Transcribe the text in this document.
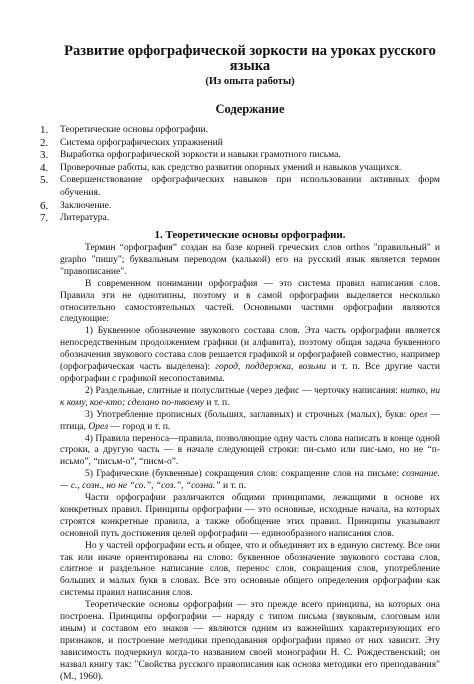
Развитие орфографической зоркости на уроках русского
языка
(Из опыта работы)
Содержание
1. Теоретические основы орфографии.
2. Система орфографических упражнений
3. Выработка орфографической зоркости и навыки грамотного письма.
4. Проверочные работы, как средство развития опорных умений и навыков учащихся.
5. Совершенствование орфографических навыков при использовании активных форм обучения.
6. Заключение.
7. Литература.
1. Теоретические основы орфографии.

Термин “орфография” создан на базе корней греческих слов orthos "правильный" и grapho "пишу"; буквальным переводом (калькой) его на русский язык является термин "правописание".

В современном понимании орфография — это система правил написания слов. Правила эти не однотипны, поэтому и в самой орфографии выделяется несколько относительно самостоятельных частей. Основными частями орфографии являются следующие:

1) Буквенное обозначение звукового состава слов. Эта часть орфографии является непосредственным продолжением графики (и алфавита), поэтому общая задача буквенного обозначения звукового состава слов решается графикой и орфографией совместно, например (орфографическая часть выделена): город, поддержка, возьми и т. п. Все другие части орфографии с графикой несопоставимы.

2) Раздельные, слитные и полуслитные (через дефис — черточку написания: нитко, ни к кому, кое-кто; сделано по-твоему и т. п.

3) Употребление прописных (больших, заглавных) и строчных (малых), букв: орел — птица, Орел — город и т. п.

4) Правила переноса—правила, позволяющие одну часть слова написать в конце одной строки, а другую часть — в начале следующей строки: пи-сьмо или пис-ьмо, но не “п-исьмо”, “письм-о”, “писм-о”.

5) Графические (буквенные) сокращения слов: сокращение слов на письме: сознание. — с., созн., но не “со.”, “соз.”, “созна.” и т. п.

Части орфографии различаются общими принципами, лежащими в основе их конкретных правил. Принципы орфографии — это основные, исходные начала, на которых строятся конкретные правила, а также обобщение этих правил. Принципы указывают основной путь достижения целей орфографии — единообразного написания слов.

Но у частей орфографии есть и общее, что и объединяет их в единую систему. Все они так или иначе ориентированы на слово: буквенное обозначение звукового состава слов, слитное и раздельное написание слов, перенос слов, сокращения слов, употребление больших и малых букв в словах. Все это основные общего определения орфографии как системы правил написания слов.

Теоретические основы орфографии — это прежде всего принципы, на которых она построена. Принципы орфографии — наряду с типом письма (звуковым, слоговым или иным) и составом его знаков — являются одним из важнейших характеризующих его признаков, и построение методики преподавания орфографии прямо от них зависит. Эту зависимость подчеркнул когда-то названием своей монографии Н. С. Рождественский; он назвал книгу так: "Свойства русского правописания как основа методики его преподавания" (М., 1960).
